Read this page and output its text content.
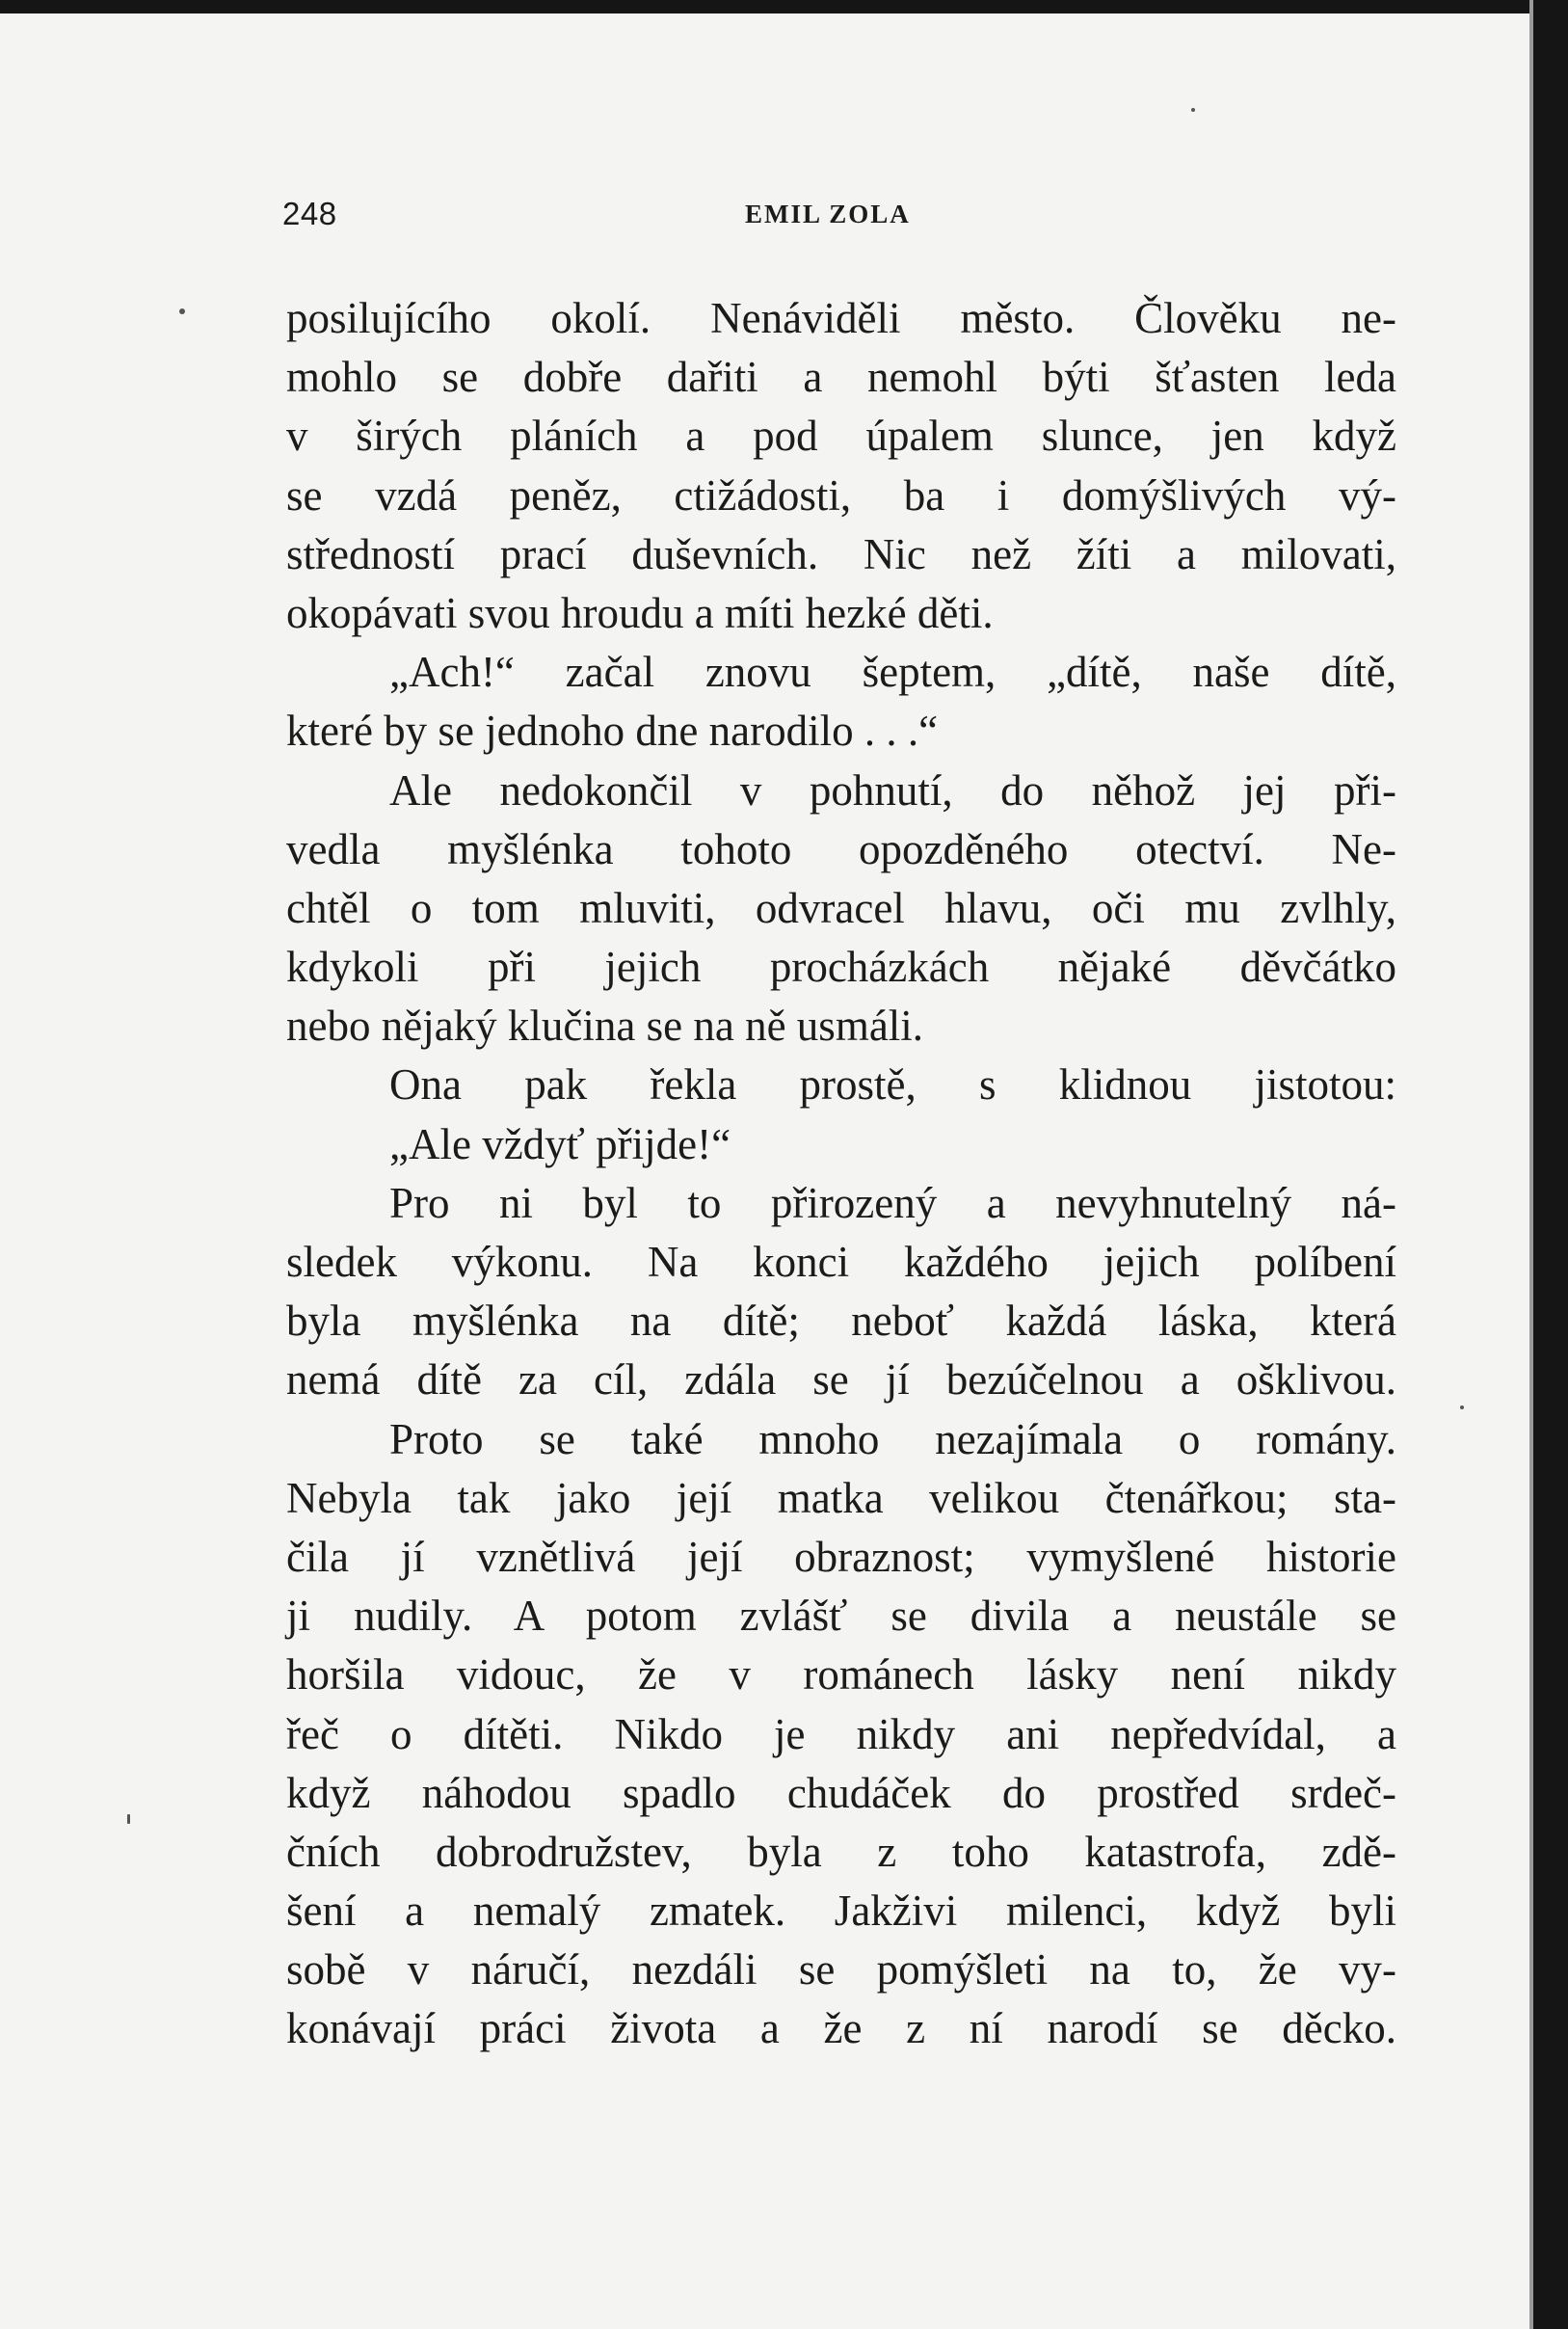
248	EMIL ZOLA
posilujícího okolí. Nenáviděli město. Člověku ne-
mohlo se dobře dařiti a nemohl býti šťasten leda
v širých pláních a pod úpalem slunce, jen když
se vzdá peněz, ctižádosti, ba i domýšlivých vý-
středností prací duševních. Nic než žíti a milovati,
okopávati svou hroudu a míti hezké děti.
„Ach!“ začal znovu šeptem, „dítě, naše dítě,
které by se jednoho dne narodilo . . .“
Ale nedokončil v pohnutí, do něhož jej při-
vedla myšlénka tohoto opozděného otectví. Ne-
chtěl o tom mluviti, odvracel hlavu, oči mu zvlhly,
kdykoli při jejich procházkách nějaké děvčátko
nebo nějaký klučina se na ně usmáli.
Ona pak řekla prostě, s klidnou jistotou:
„Ale vždyť přijde!“
Pro ni byl to přirozený a nevyhnutelný ná-
sledek výkonu. Na konci každého jejich políbení
byla myšlénka na dítě; neboť každá láska, která
nemá dítě za cíl, zdála se jí bezúčelnou a ošklivou.
Proto se také mnoho nezajímala o romány.
Nebyla tak jako její matka velikou čtenářkou; sta-
čila jí vznětlivá její obraznost; vymyšlené historie
ji nudily. A potom zvlášť se divila a neustále se
horšila vidouc, že v románech lásky není nikdy
řeč o dítěti. Nikdo je nikdy ani nepředvídal, a
když náhodou spadlo chudáček do prostřed srdeč-
čních dobrodružstev, byla z toho katastrofa, zdě-
šení a nemalý zmatek. Jakživi milenci, když byli
sobě v náručí, nezdáli se pomýšleti na to, že vy-
konávají práci života a že z ní narodí se děcko.
